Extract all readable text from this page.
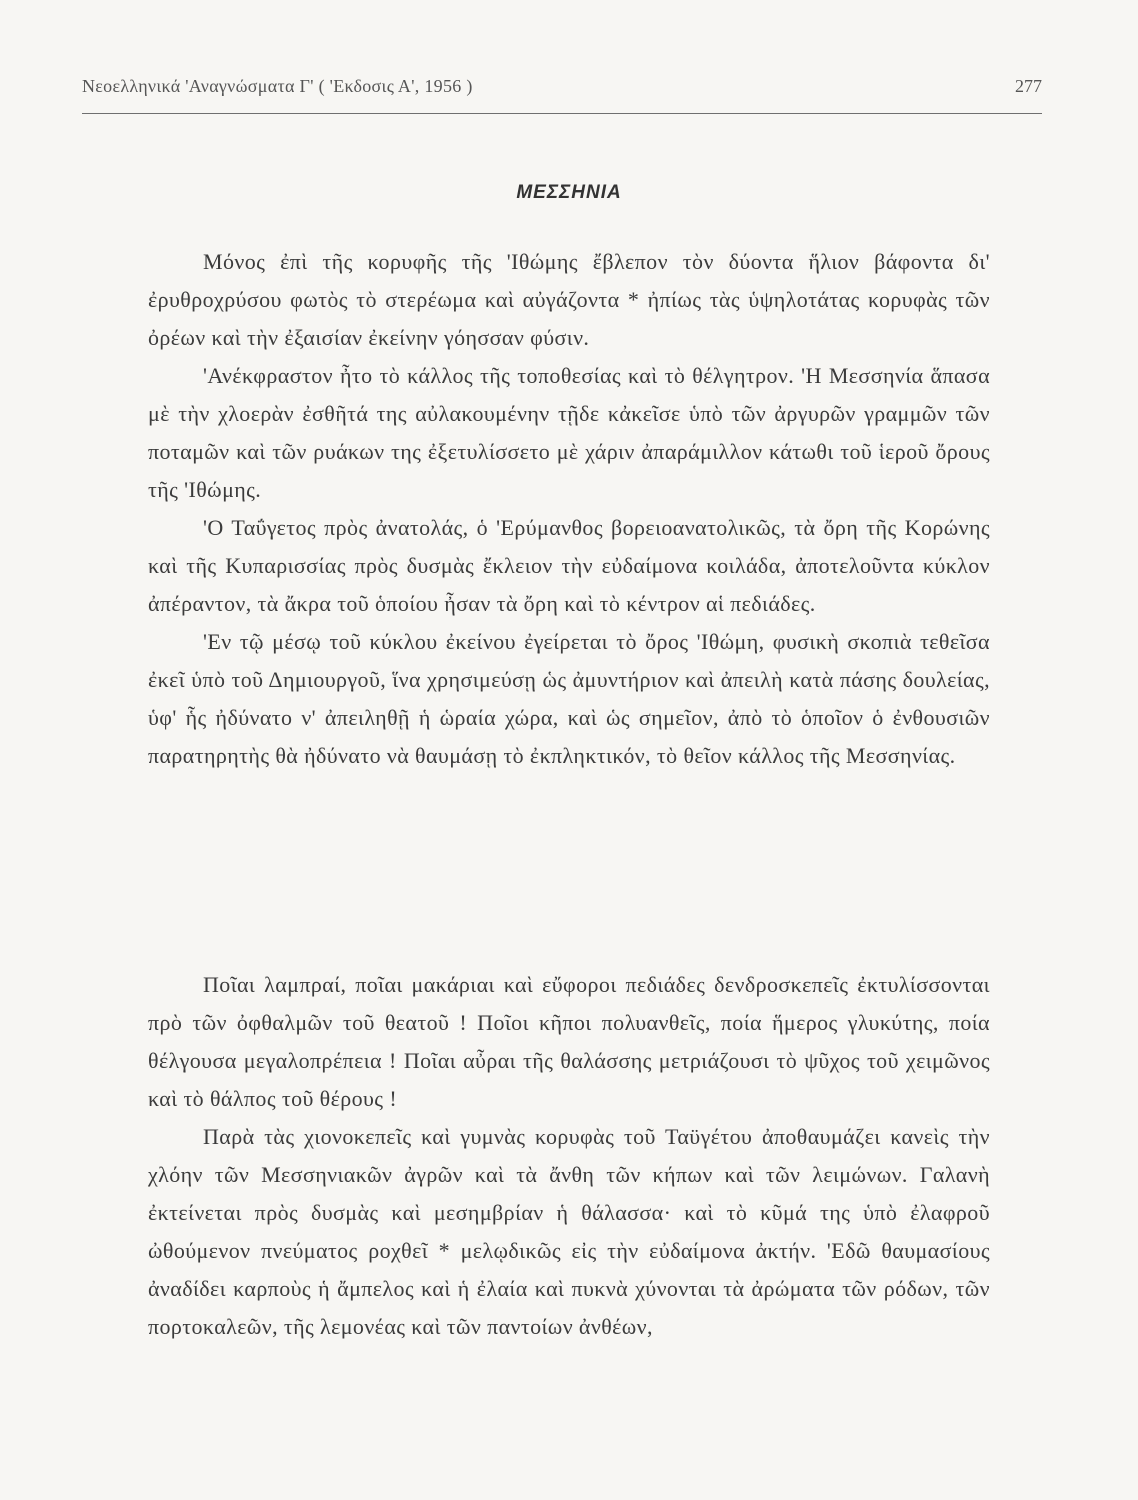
Νεοελληνικά 'Αναγνώσματα Γ' ( 'Εκδοσις Α', 1956 )	277
ΜΕΣΣΗΝΙΑ

Μόνος ἐπὶ τῆς κορυφῆς τῆς 'Ιθώμης ἔβλεπον τὸν δύοντα ἥλιον βάφοντα δι' ἐρυθροχρύσου φωτὸς τὸ στερέωμα καὶ αὐγάζοντα * ἠπίως τὰς ὑψηλοτάτας κορυφὰς τῶν ὀρέων καὶ τὴν ἐξαισίαν ἐκείνην γόησσαν φύσιν.

'Ανέκφραστον ἦτο τὸ κάλλος τῆς τοποθεσίας καὶ τὸ θέλγητρον. 'Η Μεσσηνία ἅπασα μὲ τὴν χλοερὰν ἐσθῆτά της αὐλακουμένην τῇδε κἀκεῖσε ὑπὸ τῶν ἀργυρῶν γραμμῶν τῶν ποταμῶν καὶ τῶν ρυάκων της ἐξετυλίσσετο μὲ χάριν ἀπαράμιλλον κάτωθι τοῦ ἱεροῦ ὄρους τῆς 'Ιθώμης.

'Ο Ταΰγετος πρὸς ἀνατολάς, ὁ 'Ερύμανθος βορειοανατολικῶς, τὰ ὄρη τῆς Κορώνης καὶ τῆς Κυπαρισσίας πρὸς δυσμὰς ἔκλειον τὴν εὐδαίμονα κοιλάδα, ἀποτελοῦντα κύκλον ἀπέραντον, τὰ ἄκρα τοῦ ὁποίου ἦσαν τὰ ὄρη καὶ τὸ κέντρον αἱ πεδιάδες.

'Εν τῷ μέσῳ τοῦ κύκλου ἐκείνου ἐγείρεται τὸ ὄρος 'Ιθώμη, φυσικὴ σκοπιὰ τεθεῖσα ἐκεῖ ὑπὸ τοῦ Δημιουργοῦ, ἵνα χρησιμεύσῃ ὡς ἀμυντήριον καὶ ἀπειλὴ κατὰ πάσης δουλείας, ὑφ' ἧς ἠδύνατο ν' ἀπειληθῇ ἡ ὡραία χώρα, καὶ ὡς σημεῖον, ἀπὸ τὸ ὁποῖον ὁ ἐνθουσιῶν παρατηρητὴς θὰ ἠδύνατο νὰ θαυμάσῃ τὸ ἐκπληκτικόν, τὸ θεῖον κάλλος τῆς Μεσσηνίας.

Ποῖαι λαμπραί, ποῖαι μακάριαι καὶ εὔφοροι πεδιάδες δενδροσκεπεῖς ἐκτυλίσσονται πρὸ τῶν ὀφθαλμῶν τοῦ θεατοῦ ! Ποῖοι κῆποι πολυανθεῖς, ποία ἥμερος γλυκύτης, ποία θέλγουσα μεγαλοπρέπεια ! Ποῖαι αὖραι τῆς θαλάσσης μετριάζουσι τὸ ψῦχος τοῦ χειμῶνος καὶ τὸ θάλπος τοῦ θέρους !

Παρὰ τὰς χιονοκεπεῖς καὶ γυμνὰς κορυφὰς τοῦ Ταϋγέτου ἀποθαυμάζει κανεὶς τὴν χλόην τῶν Μεσσηνιακῶν ἀγρῶν καὶ τὰ ἄνθη τῶν κήπων καὶ τῶν λειμώνων. Γαλανὴ ἐκτείνεται πρὸς δυσμὰς καὶ μεσημβρίαν ἡ θάλασσα· καὶ τὸ κῦμά της ὑπὸ ἐλαφροῦ ὠθούμενον πνεύματος ροχθεῖ * μελῳδικῶς εἰς τὴν εὐδαίμονα ἀκτήν. 'Εδῶ θαυμασίους ἀναδίδει καρποὺς ἡ ἄμπελος καὶ ἡ ἐλαία καὶ πυκνὰ χύνονται τὰ ἀρώματα τῶν ρόδων, τῶν πορτοκαλεῶν, τῆς λεμονέας καὶ τῶν παντοίων ἀνθέων,
